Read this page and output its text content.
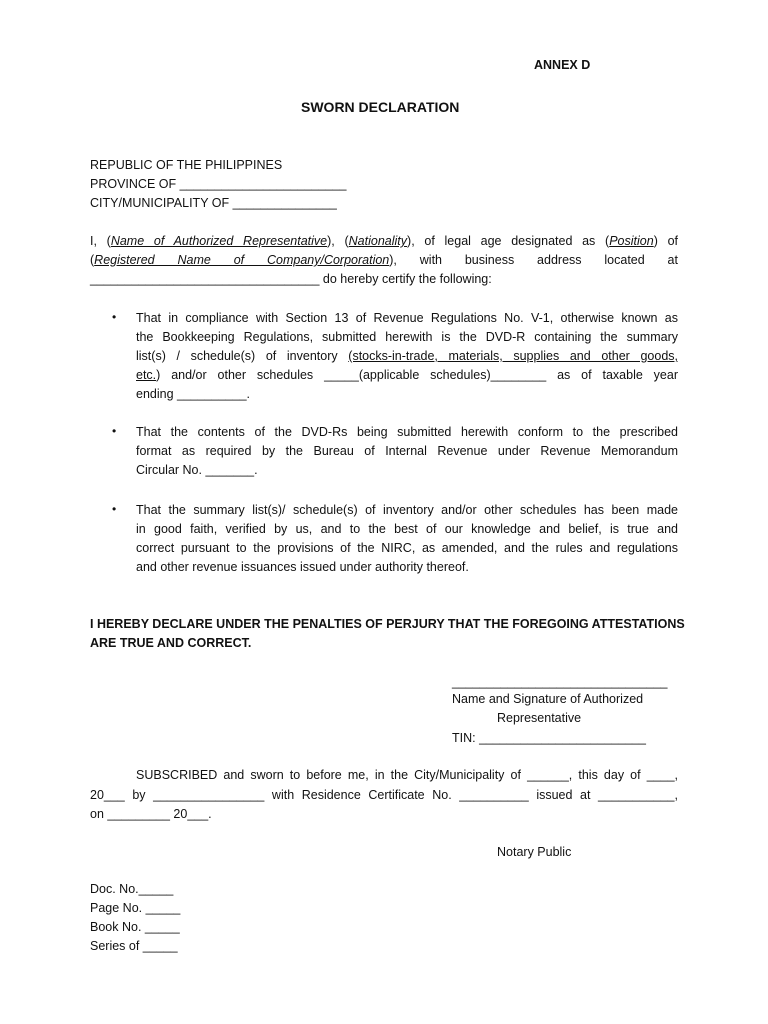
ANNEX D
SWORN DECLARATION
REPUBLIC OF THE PHILIPPINES
PROVINCE OF ________________________
CITY/MUNICIPALITY OF _______________
I, (Name of Authorized Representative), (Nationality), of legal age designated as (Position) of
(Registered Name of Company/Corporation), with business address located at
_________________________________ do hereby certify the following:
• That in compliance with Section 13 of Revenue Regulations No. V-1, otherwise known as
the Bookkeeping Regulations, submitted herewith is the DVD-R containing the summary
list(s) / schedule(s) of inventory (stocks-in-trade, materials, supplies and other goods,
etc.) and/or other schedules _____(applicable schedules)________ as of taxable year
ending __________.
• That the contents of the DVD-Rs being submitted herewith conform to the prescribed
format as required by the Bureau of Internal Revenue under Revenue Memorandum
Circular No. _______.
• That the summary list(s)/ schedule(s) of inventory and/or other schedules has been made
in good faith, verified by us, and to the best of our knowledge and belief, is true and
correct pursuant to the provisions of the NIRC, as amended, and the rules and regulations
and other revenue issuances issued under authority thereof.
I HEREBY DECLARE UNDER THE PENALTIES OF PERJURY THAT THE FOREGOING ATTESTATIONS
ARE TRUE AND CORRECT.
_______________________________
Name and Signature of Authorized
Representative
TIN: ________________________
SUBSCRIBED and sworn to before me, in the City/Municipality of ______, this day of ____,
20___ by ________________ with Residence Certificate No. __________ issued at ___________,
on _________ 20___.
Notary Public
Doc. No._____
Page No. _____
Book No. _____
Series of _____
